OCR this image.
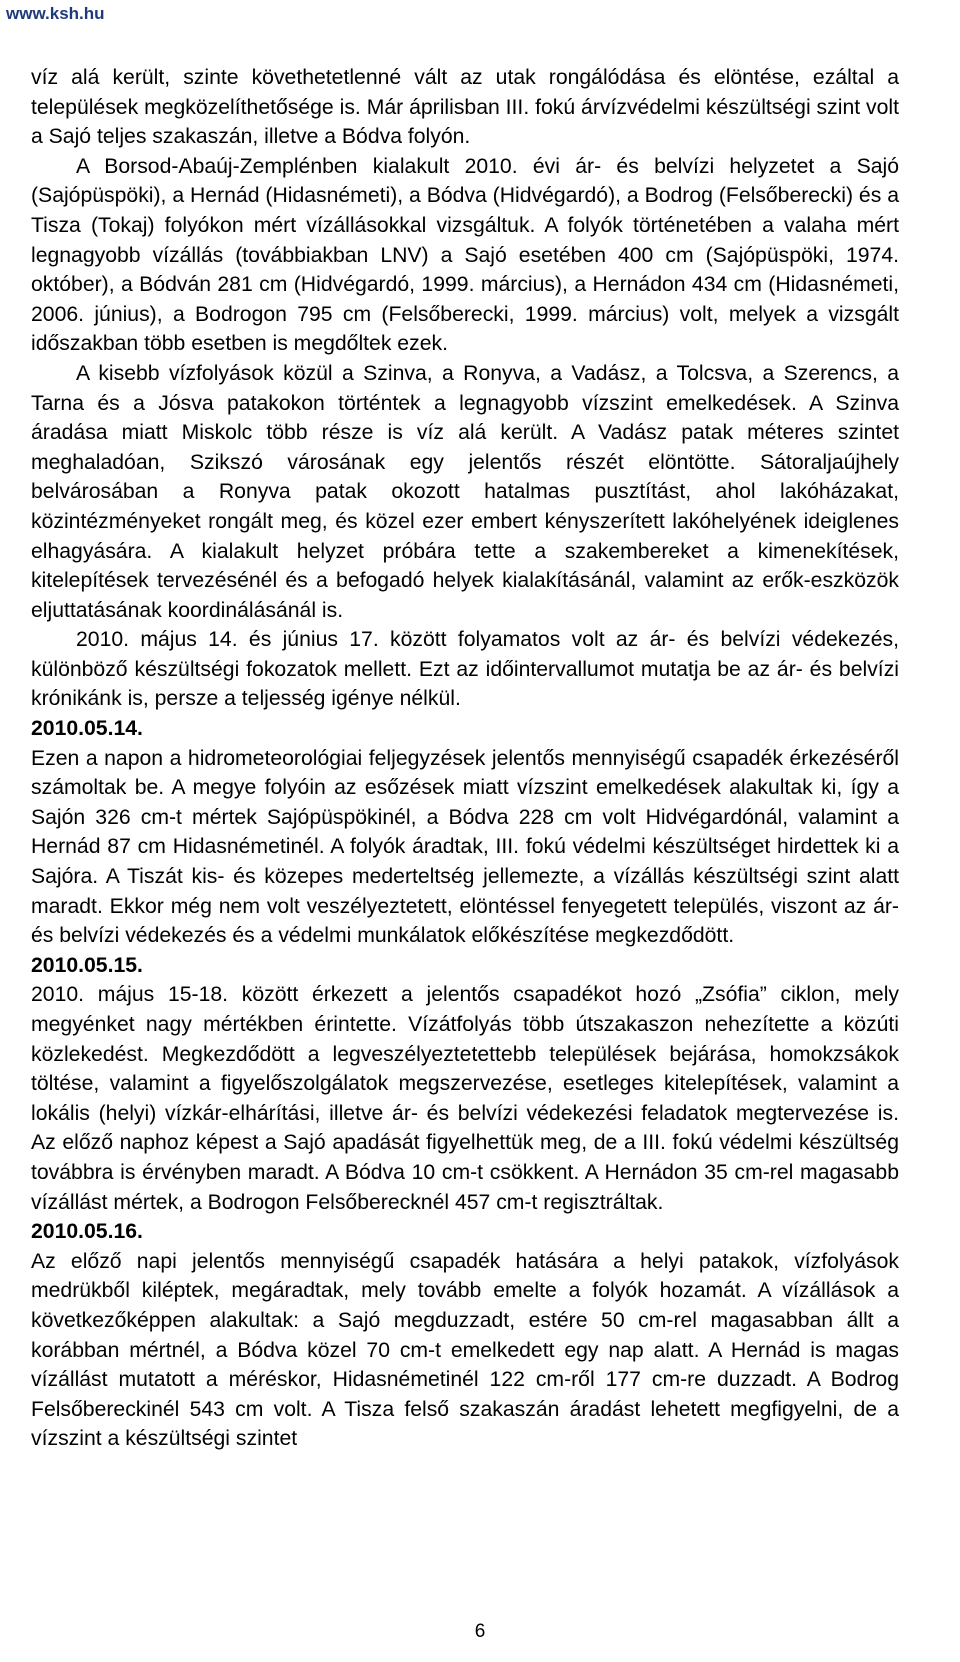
www.ksh.hu

víz alá került, szinte követhetetlenné vált az utak rongálódása és elöntése, ezáltal a települések megközelíthetősége is. Már áprilisban III. fokú árvízvédelmi készültségi szint volt a Sajó teljes szakaszán, illetve a Bódva folyón.

A Borsod-Abaúj-Zemplénben kialakult 2010. évi ár- és belvízi helyzetet a Sajó (Sajópüspöki), a Hernád (Hidasnémeti), a Bódva (Hidvégardó), a Bodrog (Felsőberecki) és a Tisza (Tokaj) folyókon mért vízállásokkal vizsgáltuk. A folyók történetében a valaha mért legnagyobb vízállás (továbbiakban LNV) a Sajó esetében 400 cm (Sajópüspöki, 1974. október), a Bódván 281 cm (Hidvégardó, 1999. március), a Hernádon 434 cm (Hidasnémeti, 2006. június), a Bodrogon 795 cm (Felsőberecki, 1999. március) volt, melyek a vizsgált időszakban több esetben is megdőltek ezek.

A kisebb vízfolyások közül a Szinva, a Ronyva, a Vadász, a Tolcsva, a Szerencs, a Tarna és a Jósva patakokon történtek a legnagyobb vízszint emelkedések. A Szinva áradása miatt Miskolc több része is víz alá került. A Vadász patak méteres szintet meghaladóan, Szikszó városának egy jelentős részét elöntötte. Sátoraljaújhely belvárosában a Ronyva patak okozott hatalmas pusztítást, ahol lakóházakat, közintézményeket rongált meg, és közel ezer embert kényszerített lakóhelyének ideiglenes elhagyására. A kialakult helyzet próbára tette a szakembereket a kimenekítések, kitelepítések tervezésénél és a befogadó helyek kialakításánál, valamint az erők-eszközök eljuttatásának koordinálásánál is.

2010. május 14. és június 17. között folyamatos volt az ár- és belvízi védekezés, különböző készültségi fokozatok mellett. Ezt az időintervallumot mutatja be az ár- és belvízi krónikánk is, persze a teljesség igénye nélkül.

2010.05.14.

Ezen a napon a hidrometeorológiai feljegyzések jelentős mennyiségű csapadék érkezéséről számoltak be. A megye folyóin az esőzések miatt vízszint emelkedések alakultak ki, így a Sajón 326 cm-t mértek Sajópüspökinél, a Bódva 228 cm volt Hidvégardónál, valamint a Hernád 87 cm Hidasnémetinél. A folyók áradtak, III. fokú védelmi készültséget hirdettek ki a Sajóra. A Tiszát kis- és közepes mederteltség jellemezte, a vízállás készültségi szint alatt maradt. Ekkor még nem volt veszélyeztetett, elöntéssel fenyegetett település, viszont az ár- és belvízi védekezés és a védelmi munkálatok előkészítése megkezdődött.

2010.05.15.

2010. május 15-18. között érkezett a jelentős csapadékot hozó „Zsófia” ciklon, mely megyénket nagy mértékben érintette. Vízátfolyás több útszakaszon nehezítette a közúti közlekedést. Megkezdődött a legveszélyeztetettebb települések bejárása, homokzsákok töltése, valamint a figyelőszolgálatok megszervezése, esetleges kitelepítések, valamint a lokális (helyi) vízkár-elhárítási, illetve ár- és belvízi védekezési feladatok megtervezése is. Az előző naphoz képest a Sajó apadását figyelhettük meg, de a III. fokú védelmi készültség továbbra is érvényben maradt. A Bódva 10 cm-t csökkent. A Hernádon 35 cm-rel magasabb vízállást mértek, a Bodrogon Felsőberecknél 457 cm-t regisztráltak.

2010.05.16.

Az előző napi jelentős mennyiségű csapadék hatására a helyi patakok, vízfolyások medrükből kiléptek, megáradtak, mely tovább emelte a folyók hozamát. A vízállások a következőképpen alakultak: a Sajó megduzzadt, estére 50 cm-rel magasabban állt a korábban mértnél, a Bódva közel 70 cm-t emelkedett egy nap alatt. A Hernád is magas vízállást mutatott a méréskor, Hidasnémetinél 122 cm-ről 177 cm-re duzzadt. A Bodrog Felsőbereckinél 543 cm volt. A Tisza felső szakaszán áradást lehetett megfigyelni, de a vízszint a készültségi szintet

6
